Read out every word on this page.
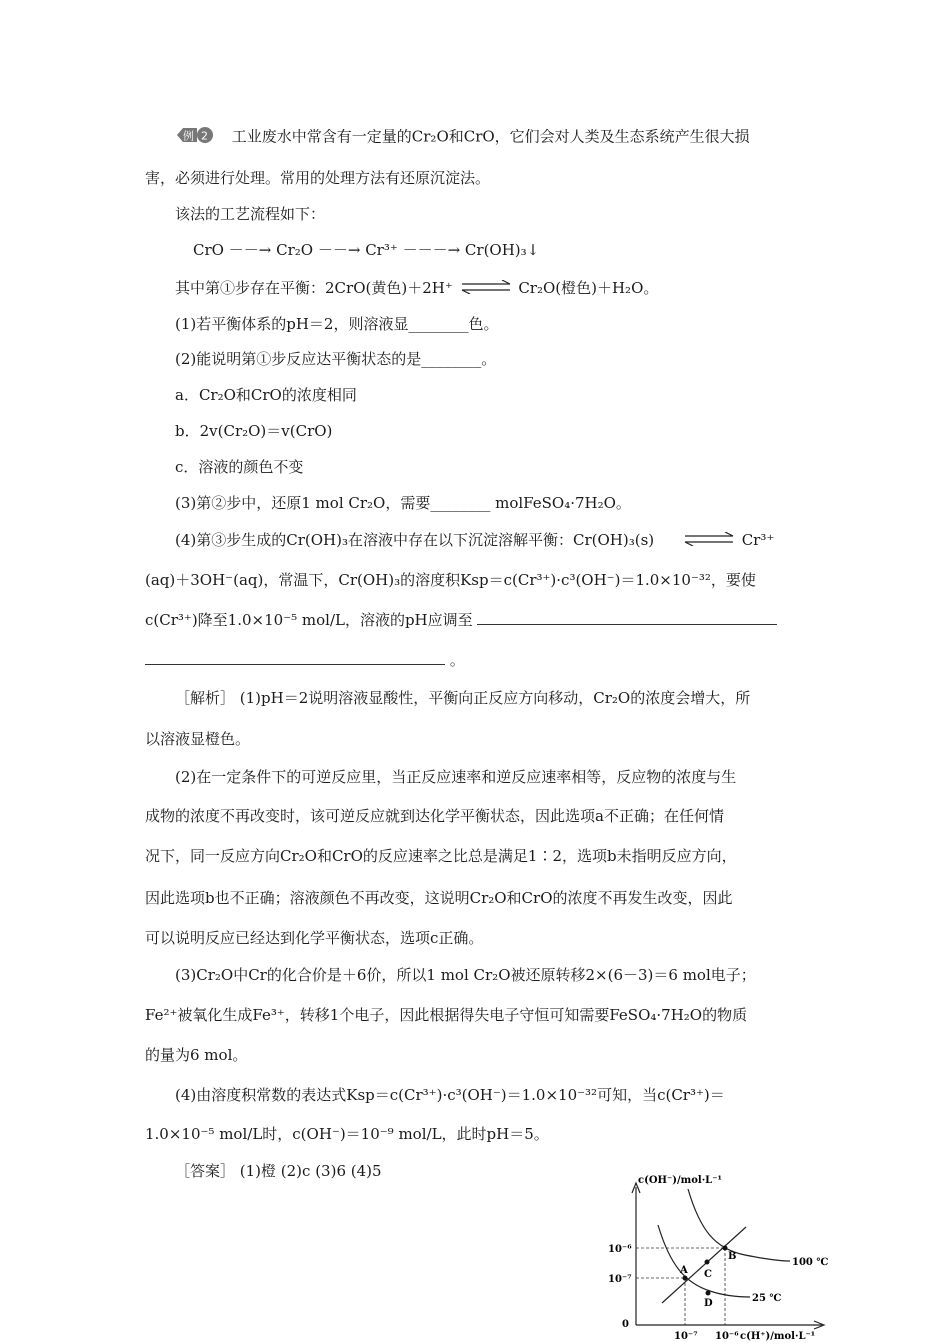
例 2 工业废水中常含有一定量的Cr₂O和CrO，它们会对人类及生态系统产生很大损
害，必须进行处理。常用的处理方法有还原沉淀法。
该法的工艺流程如下：
CrO －－→ Cr₂O －－→ Cr³⁺ －－－→ Cr(OH)₃↓
其中第①步存在平衡：2CrO(黄色)＋2H⁺ ⇌ Cr₂O(橙色)＋H₂O。
(1)若平衡体系的pH＝2，则溶液显________色。
(2)能说明第①步反应达平衡状态的是________。
a．Cr₂O和CrO的浓度相同
b．2v(Cr₂O)＝v(CrO)
c．溶液的颜色不变
(3)第②步中，还原1 mol Cr₂O，需要________ molFeSO₄·7H₂O。
(4)第③步生成的Cr(OH)₃在溶液中存在以下沉淀溶解平衡：Cr(OH)₃(s) ⇌ Cr³⁺
(aq)＋3OH⁻(aq)，常温下，Cr(OH)₃的溶度积Ksp＝c(Cr³⁺)·c³(OH⁻)＝1.0×10⁻³²，要使
c(Cr³⁺)降至1.0×10⁻⁵ mol/L，溶液的pH应调至
。
［解析］ (1)pH＝2说明溶液显酸性，平衡向正反应方向移动，Cr₂O的浓度会增大，所
以溶液显橙色。
(2)在一定条件下的可逆反应里，当正反应速率和逆反应速率相等，反应物的浓度与生
成物的浓度不再改变时，该可逆反应就到达化学平衡状态，因此选项a不正确；在任何情
况下，同一反应方向Cr₂O和CrO的反应速率之比总是满足1∶2，选项b未指明反应方向，
因此选项b也不正确；溶液颜色不再改变，这说明Cr₂O和CrO的浓度不再发生改变，因此
可以说明反应已经达到化学平衡状态，选项c正确。
(3)Cr₂O中Cr的化合价是＋6价，所以1 mol Cr₂O被还原转移2×(6－3)＝6 mol电子；
Fe²⁺被氧化生成Fe³⁺，转移1个电子，因此根据得失电子守恒可知需要FeSO₄·7H₂O的物质
的量为6 mol。
(4)由溶度积常数的表达式Ksp＝c(Cr³⁺)·c³(OH⁻)＝1.0×10⁻³²可知，当c(Cr³⁺)＝
1.0×10⁻⁵ mol/L时，c(OH⁻)＝10⁻⁹ mol/L，此时pH＝5。
［答案］ (1)橙 (2)c (3)6 (4)5
c(OH⁻)/mol·L⁻¹
c(H⁺)/mol·L⁻¹
0
10⁻⁶
10⁻⁷
10⁻⁷ 10⁻⁶
A
B
C
D
100 ℃
25 ℃
